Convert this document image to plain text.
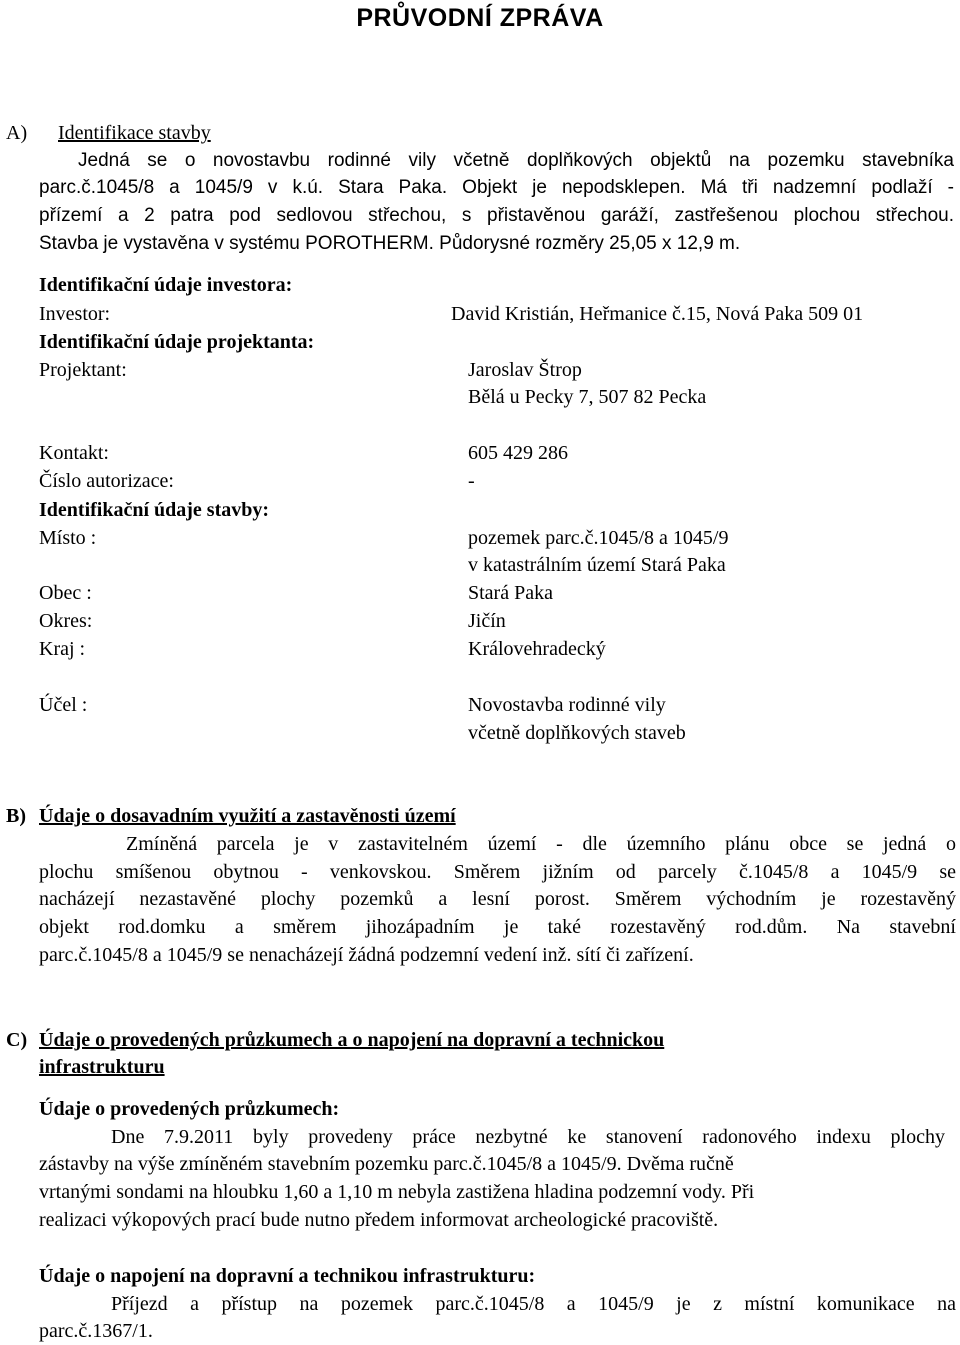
PRŮVODNÍ ZPRÁVA
A) Identifikace stavby
Jedná se o novostavbu rodinné vily včetně doplňkových objektů na pozemku stavebníka
parc.č.1045/8 a 1045/9 v k.ú. Stara Paka. Objekt je nepodsklepen. Má tři nadzemní podlaží -
přízemí a 2 patra pod sedlovou střechou, s přistavěnou garáží, zastřešenou plochou střechou.
Stavba je vystavěna v systému POROTHERM. Půdorysné rozměry 25,05 x 12,9 m.
Identifikační údaje investora:
Investor:	David Kristián, Heřmanice č.15, Nová Paka 509 01
Identifikační údaje projektanta:
Projektant:	Jaroslav Štrop
Bělá u Pecky 7, 507 82 Pecka
Kontakt:	605 429 286
Číslo autorizace:	-
Identifikační údaje stavby:
Místo :	pozemek parc.č.1045/8 a 1045/9
v katastrálním území Stará Paka
Obec :	Stará Paka
Okres:	Jičín
Kraj :	Královehradecký
Účel :	Novostavba rodinné vily
včetně doplňkových staveb
B) Údaje o dosavadním využití a zastavěnosti území
Zmíněná parcela je v zastavitelném území - dle územního plánu obce se jedná o
plochu smíšenou obytnou - venkovskou. Směrem jižním od parcely č.1045/8 a 1045/9 se
nacházejí nezastavěné plochy pozemků a lesní porost. Směrem východním je rozestavěný
objekt rod.domku a směrem jihozápadním je také rozestavěný rod.dům. Na stavební
parc.č.1045/8 a 1045/9 se nenacházejí žádná podzemní vedení inž. sítí či zařízení.
C) Údaje o provedených průzkumech a o napojení na dopravní a technickou
infrastrukturu
Údaje o provedených průzkumech:
Dne 7.9.2011 byly provedeny práce nezbytné ke stanovení radonového indexu plochy
zástavby na výše zmíněném stavebním pozemku parc.č.1045/8 a 1045/9. Dvěma ručně
vrtanými sondami na hloubku 1,60 a 1,10 m nebyla zastižena hladina podzemní vody. Při
realizaci výkopových prací bude nutno předem informovat archeologické pracoviště.
Údaje o napojení na dopravní a technikou infrastrukturu:
Příjezd a přístup na pozemek parc.č.1045/8 a 1045/9 je z místní komunikace na
parc.č.1367/1.
